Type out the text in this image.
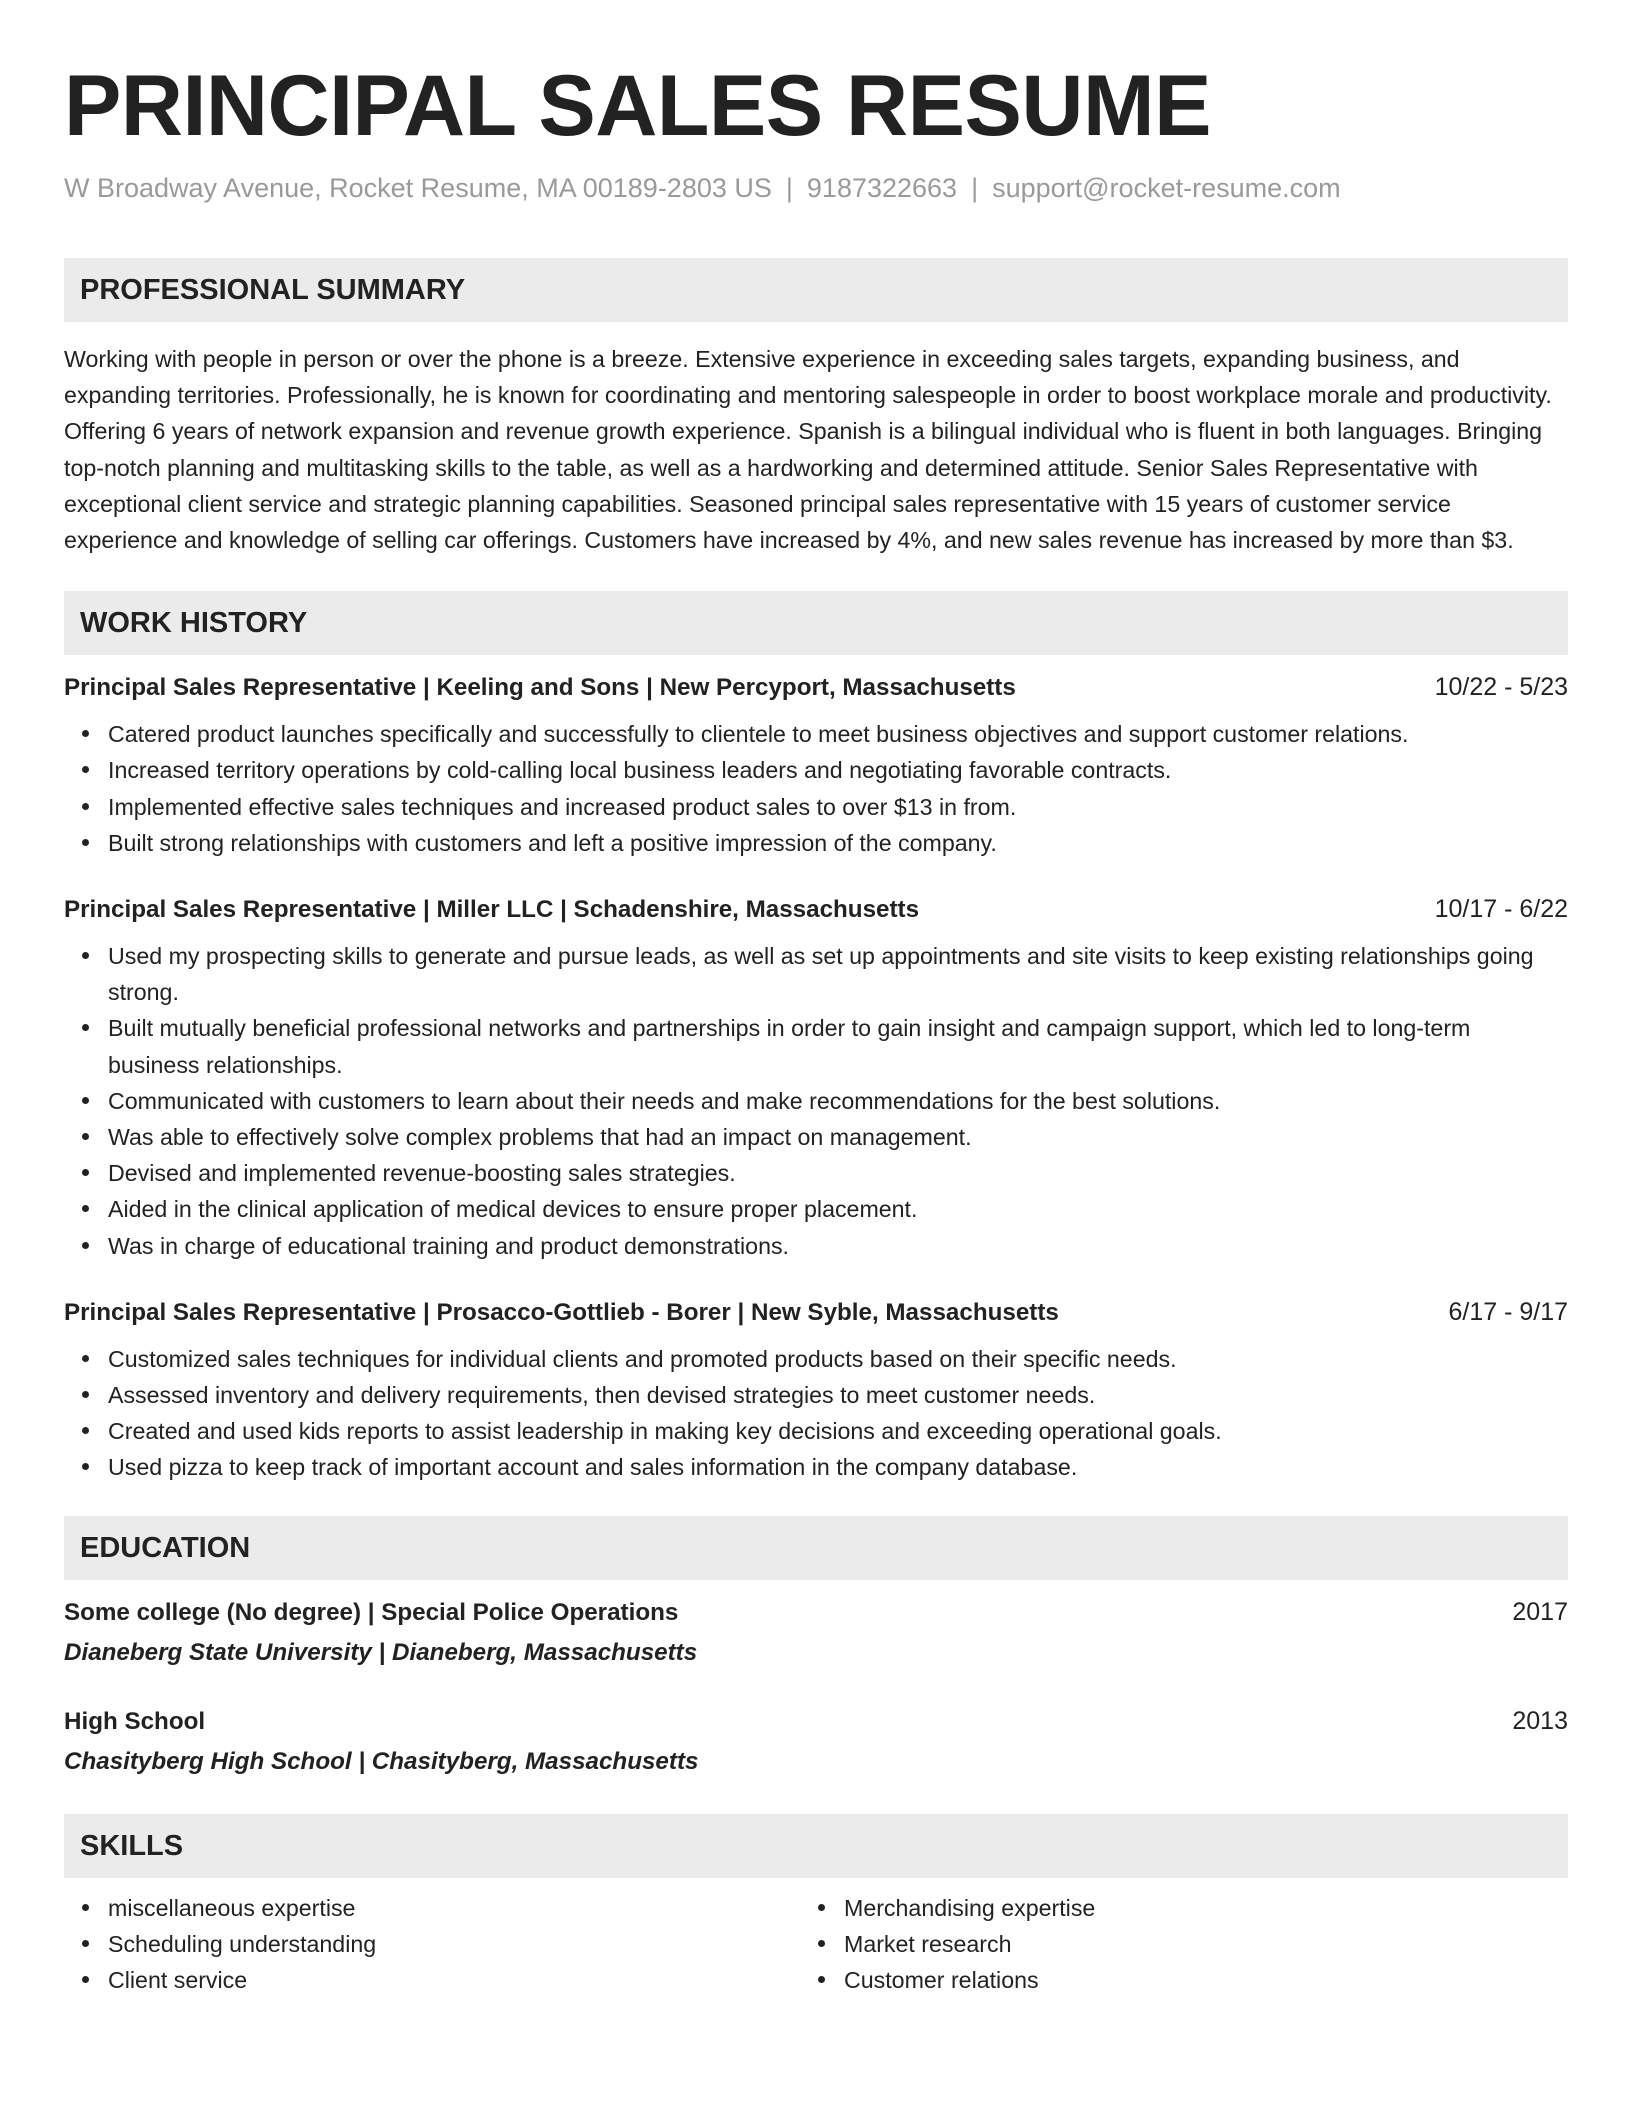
PRINCIPAL SALES RESUME
W Broadway Avenue, Rocket Resume, MA 00189-2803 US | 9187322663 | support@rocket-resume.com
PROFESSIONAL SUMMARY

Working with people in person or over the phone is a breeze. Extensive experience in exceeding sales targets, expanding business, and expanding territories. Professionally, he is known for coordinating and mentoring salespeople in order to boost workplace morale and productivity. Offering 6 years of network expansion and revenue growth experience. Spanish is a bilingual individual who is fluent in both languages. Bringing top-notch planning and multitasking skills to the table, as well as a hardworking and determined attitude. Senior Sales Representative with exceptional client service and strategic planning capabilities. Seasoned principal sales representative with 15 years of customer service experience and knowledge of selling car offerings. Customers have increased by 4%, and new sales revenue has increased by more than $3.

WORK HISTORY
Principal Sales Representative | Keeling and Sons | New Percyport, Massachusetts	10/22 - 5/23
Catered product launches specifically and successfully to clientele to meet business objectives and support customer relations.
Increased territory operations by cold-calling local business leaders and negotiating favorable contracts.
Implemented effective sales techniques and increased product sales to over $13 in from.
Built strong relationships with customers and left a positive impression of the company.
Principal Sales Representative | Miller LLC | Schadenshire, Massachusetts	10/17 - 6/22
Used my prospecting skills to generate and pursue leads, as well as set up appointments and site visits to keep existing relationships going strong.
Built mutually beneficial professional networks and partnerships in order to gain insight and campaign support, which led to long-term business relationships.
Communicated with customers to learn about their needs and make recommendations for the best solutions.
Was able to effectively solve complex problems that had an impact on management.
Devised and implemented revenue-boosting sales strategies.
Aided in the clinical application of medical devices to ensure proper placement.
Was in charge of educational training and product demonstrations.
Principal Sales Representative | Prosacco-Gottlieb - Borer | New Syble, Massachusetts	6/17 - 9/17
Customized sales techniques for individual clients and promoted products based on their specific needs.
Assessed inventory and delivery requirements, then devised strategies to meet customer needs.
Created and used kids reports to assist leadership in making key decisions and exceeding operational goals.
Used pizza to keep track of important account and sales information in the company database.
EDUCATION
Some college (No degree) | Special Police Operations	2017
Dianeberg State University | Dianeberg, Massachusetts
High School	2013
Chasityberg High School | Chasityberg, Massachusetts
SKILLS
miscellaneous expertise
Scheduling understanding
Client service
Merchandising expertise
Market research
Customer relations
